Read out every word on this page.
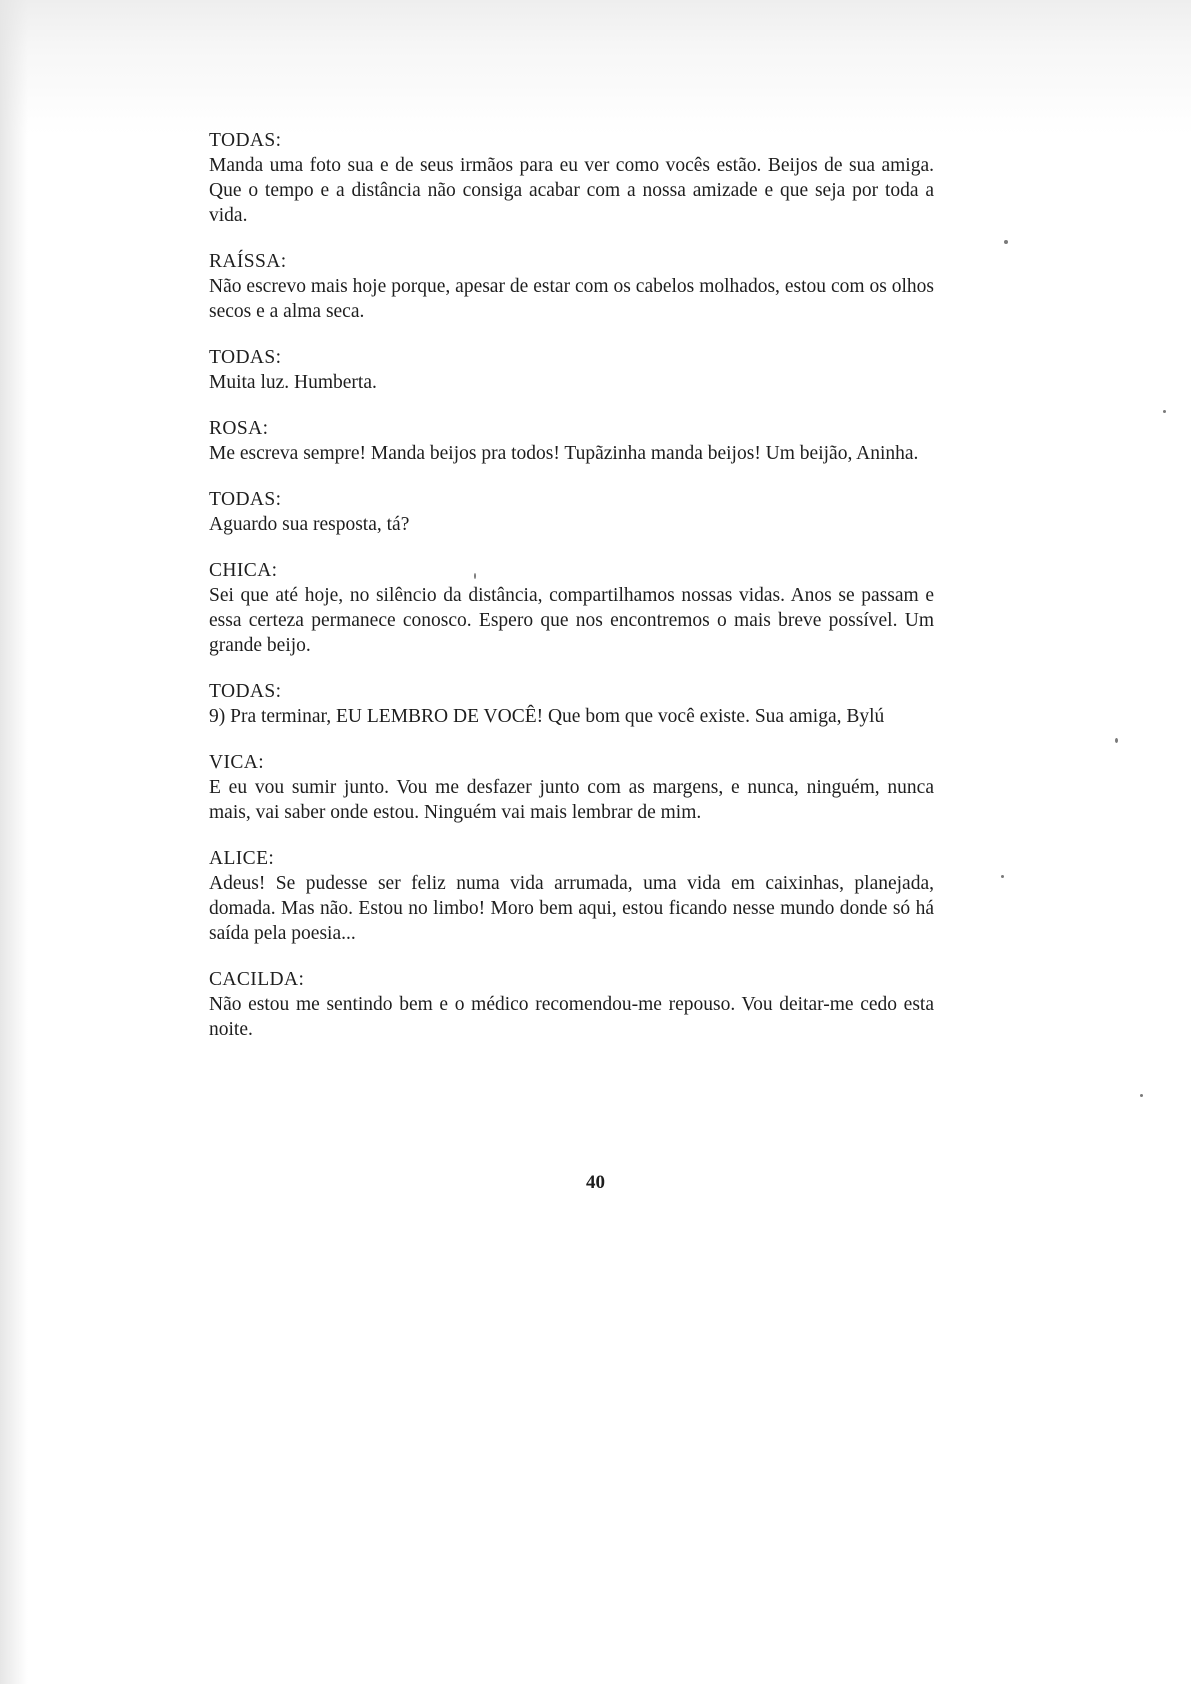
TODAS:
Manda uma foto sua e de seus irmãos para eu ver como vocês estão. Beijos de sua amiga. Que o tempo e a distância não consiga acabar com a nossa amizade e que seja por toda a vida.
RAÍSSA:
Não escrevo mais hoje porque, apesar de estar com os cabelos molhados, estou com os olhos secos e a alma seca.
TODAS:
Muita luz. Humberta.
ROSA:
Me escreva sempre! Manda beijos pra todos! Tupãzinha manda beijos! Um beijão, Aninha.
TODAS:
Aguardo sua resposta, tá?
CHICA:
Sei que até hoje, no silêncio da distância, compartilhamos nossas vidas. Anos se passam e essa certeza permanece conosco. Espero que nos encontremos o mais breve possível. Um grande beijo.
TODAS:
9) Pra terminar, EU LEMBRO DE VOCÊ! Que bom que você existe. Sua amiga, Bylú
VICA:
E eu vou sumir junto. Vou me desfazer junto com as margens, e nunca, ninguém, nunca mais, vai saber onde estou. Ninguém vai mais lembrar de mim.
ALICE:
Adeus! Se pudesse ser feliz numa vida arrumada, uma vida em caixinhas, planejada, domada. Mas não. Estou no limbo! Moro bem aqui, estou ficando nesse mundo donde só há saída pela poesia...
CACILDA:
Não estou me sentindo bem e o médico recomendou-me repouso. Vou deitar-me cedo esta noite.
40
